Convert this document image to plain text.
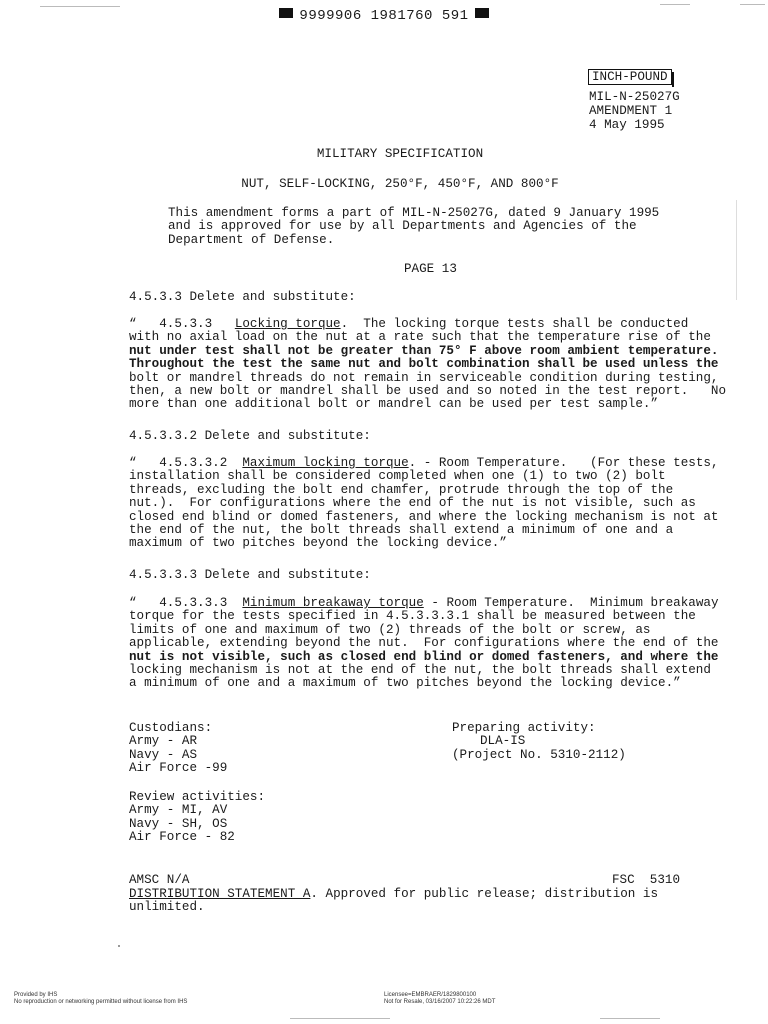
9999906 1981760 591
INCH-POUND
MIL-N-25027G
AMENDMENT 1
4 May 1995
MILITARY SPECIFICATION
NUT, SELF-LOCKING, 250°F, 450°F, AND 800°F

This amendment forms a part of MIL-N-25027G, dated 9 January 1995

and is approved for use by all Departments and Agencies of the

Department of Defense.

PAGE 13
4.5.3.3 Delete and substitute:

“   4.5.3.3   Locking torque.  The locking torque tests shall be conducted

with no axial load on the nut at a rate such that the temperature rise of the

nut under test shall not be greater than 75° F above room ambient temperature.

Throughout the test the same nut and bolt combination shall be used unless the

bolt or mandrel threads do not remain in serviceable condition during testing,

then, a new bolt or mandrel shall be used and so noted in the test report.   No

more than one additional bolt or mandrel can be used per test sample.”

4.5.3.3.2 Delete and substitute:

“   4.5.3.3.2  Maximum locking torque. - Room Temperature.   (For these tests,

installation shall be considered completed when one (1) to two (2) bolt

threads, excluding the bolt end chamfer, protrude through the top of the

nut.).  For configurations where the end of the nut is not visible, such as

closed end blind or domed fasteners, and where the locking mechanism is not at

the end of the nut, the bolt threads shall extend a minimum of one and a

maximum of two pitches beyond the locking device.”

4.5.3.3.3 Delete and substitute:

“   4.5.3.3.3  Minimum breakaway torque - Room Temperature.  Minimum breakaway

torque for the tests specified in 4.5.3.3.3.1 shall be measured between the

limits of one and maximum of two (2) threads of the bolt or screw, as

applicable, extending beyond the nut.  For configurations where the end of the

nut is not visible, such as closed end blind or domed fasteners, and where the

locking mechanism is not at the end of the nut, the bolt threads shall extend

a minimum of one and a maximum of two pitches beyond the locking device.”

Custodians:

Army - AR

Navy - AS

Air Force -99

Preparing activity:
DLA-IS
(Project No. 5310-2112)

Review activities:

Army - MI, AV

Navy - SH, OS

Air Force - 82

AMSC N/A	FSC  5310

DISTRIBUTION STATEMENT A. Approved for public release; distribution is

unlimited.

Provided by IHS
No reproduction or networking permitted without license from IHS
Licensee=EMBRAER/1829800100
Not for Resale, 03/16/2007 10:22:26 MDT
